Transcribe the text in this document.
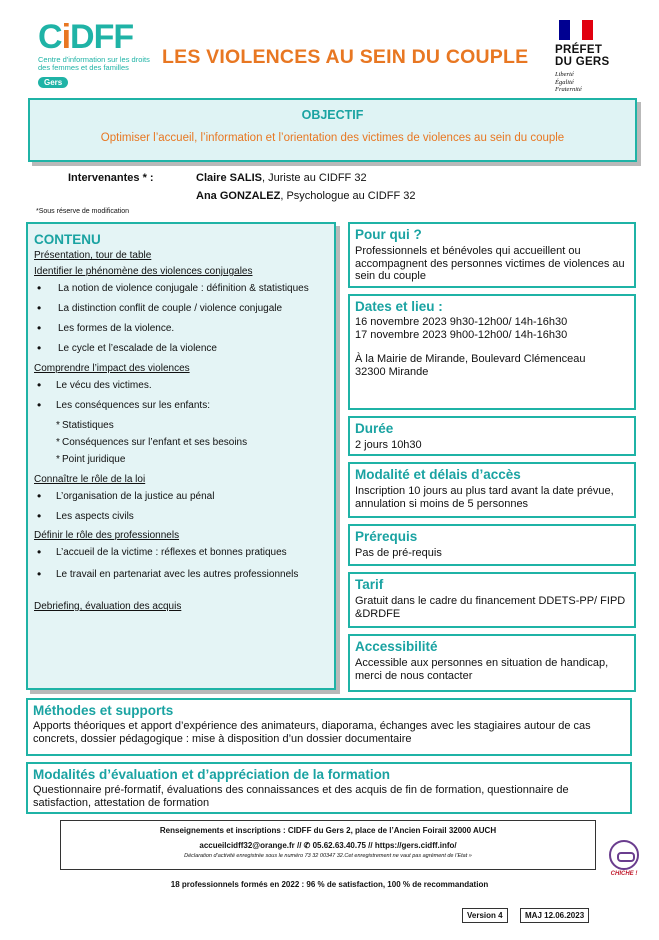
CiDFF
Centre d'information sur les droits des femmes et des familles
Gers
LES VIOLENCES AU SEIN DU COUPLE PRÉFET
DU GERS
Liberté
Égalité
Fraternité
OBJECTIF
Optimiser l’accueil, l’information et l’orientation des victimes de violences au sein du couple
Intervenantes * :	Claire SALIS, Juriste au CIDFF 32
Ana GONZALEZ, Psychologue au CIDFF 32
*Sous réserve de modification
CONTENU
Présentation, tour de table
Identifier le phénomène des violences conjugales
• La notion de violence conjugale : définition & statistiques
• La distinction conflit de couple / violence conjugale
• Les formes de la violence.
• Le cycle et l’escalade de la violence
Comprendre l’impact des violences
• Le vécu des victimes.
• Les conséquences sur les enfants:
* Statistiques
* Conséquences sur l’enfant et ses besoins
* Point juridique
Connaître le rôle de la loi
• L’organisation de la justice au pénal
• Les aspects civils
Définir le rôle des professionnels
• L’accueil de la victime : réflexes et bonnes pratiques
• Le travail en partenariat avec les autres professionnels
Debriefing, évaluation des acquis
Pour qui ?

Professionnels et bénévoles qui accueillent ou accompagnent des personnes victimes de violences au sein du couple

Dates et lieu :

16 novembre 2023 9h30-12h00/ 14h-16h30

17 novembre 2023 9h00-12h00/ 14h-16h30

À la Mairie de Mirande, Boulevard Clémenceau

32300 Mirande

Durée

2 jours 10h30

Modalité et délais d’accès

Inscription 10 jours au plus tard avant la date prévue, annulation si moins de 5 personnes

Prérequis

Pas de pré-requis

Tarif

Gratuit dans le cadre du financement DDETS-PP/ FIPD &DRDFE

Accessibilité

Accessible aux personnes en situation de handicap, merci de nous contacter

Méthodes et supports

Apports théoriques et apport d’expérience des animateurs, diaporama, échanges avec les stagiaires autour de cas concrets, dossier pédagogique : mise à disposition d’un dossier documentaire

Modalités d’évaluation et d’appréciation de la formation

Questionnaire pré-formatif, évaluations des connaissances et des acquis de fin de formation, questionnaire de satisfaction, attestation de formation

Renseignements et inscriptions : CIDFF du Gers 2, place de l’Ancien Foirail 32000 AUCH
accueilcidff32@orange.fr // ✆ 05.62.63.40.75 // https://gers.cidff.info/
Déclaration d’activité enregistrée sous le numéro 73 32 00347 32.Cet enregistrement ne vaut pas agrément de l’Etat »
CHICHE !
18 professionnels formés en 2022 : 96 % de satisfaction, 100 % de recommandation
Version 4	MAJ 12.06.2023
